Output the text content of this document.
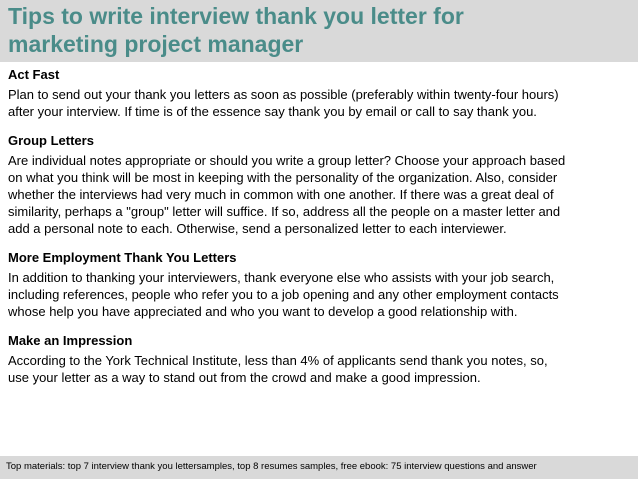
Tips to write interview thank you letter for
marketing project manager
Act Fast
Plan to send out your thank you letters as soon as possible (preferably within twenty-four hours)
after your interview. If time is of the essence say thank you by email or call to say thank you.
Group Letters
Are individual notes appropriate or should you write a group letter? Choose your approach based
on what you think will be most in keeping with the personality of the organization. Also, consider
whether the interviews had very much in common with one another. If there was a great deal of
similarity, perhaps a "group" letter will suffice. If so, address all the people on a master letter and
add a personal note to each. Otherwise, send a personalized letter to each interviewer.
More Employment Thank You Letters
In addition to thanking your interviewers, thank everyone else who assists with your job search,
including references, people who refer you to a job opening and any other employment contacts
whose help you have appreciated and who you want to develop a good relationship with.
Make an Impression
According to the York Technical Institute, less than 4% of applicants send thank you notes, so,
use your letter as a way to stand out from the crowd and make a good impression.
Top materials: top 7 interview thank you lettersamples, top 8 resumes samples, free ebook: 75 interview questions and answer
